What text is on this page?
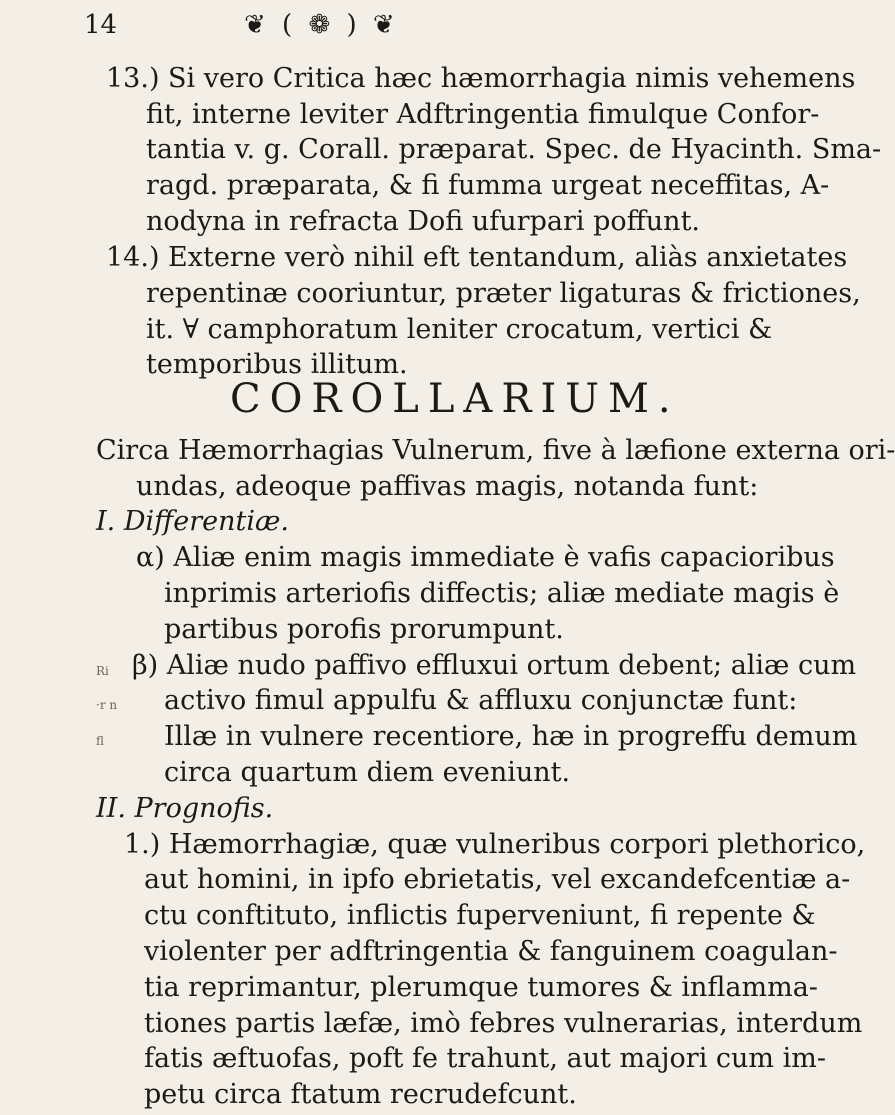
14	❦ ( ❁ ) ❦
13.) Si vero Critica hæc hæmorrhagia nimis vehemens
fit, interne leviter Adftringentia fimulque Confor-
tantia v. g. Corall. præparat. Spec. de Hyacinth. Sma-
ragd. præparata, & fi fumma urgeat neceffitas, A-
nodyna in refracta Dofi ufurpari poffunt.
14.) Externe verò nihil eft tentandum, aliàs anxietates
repentinæ cooriuntur, præter ligaturas & frictiones,
it. ∀ camphoratum leniter crocatum, vertici &
temporibus illitum.
COROLLARIUM.
Circa Hæmorrhagias Vulnerum, five à læfione externa ori-
undas, adeoque paffivas magis, notanda funt:
I. Differentiæ.
α) Aliæ enim magis immediate è vafis capacioribus
inprimis arteriofis diffectis; aliæ mediate magis è
partibus porofis prorumpunt.
β) Aliæ nudo paffivo effluxui ortum debent; aliæ cum
activo fimul appulfu & affluxu conjunctæ funt:
Illæ in vulnere recentiore, hæ in progreffu demum
circa quartum diem eveniunt.
II. Prognofis.
1.) Hæmorrhagiæ, quæ vulneribus corpori plethorico,
aut homini, in ipfo ebrietatis, vel excandefcentiæ a-
ctu conftituto, inflictis fuperveniunt, fi repente &
violenter per adftringentia & fanguinem coagulan-
tia reprimantur, plerumque tumores & inflamma-
tiones partis læfæ, imò febres vulnerarias, interdum
fatis æftuofas, poft fe trahunt, aut majori cum im-
petu circa ftatum recrudefcunt.
Ri
·r n
fl
